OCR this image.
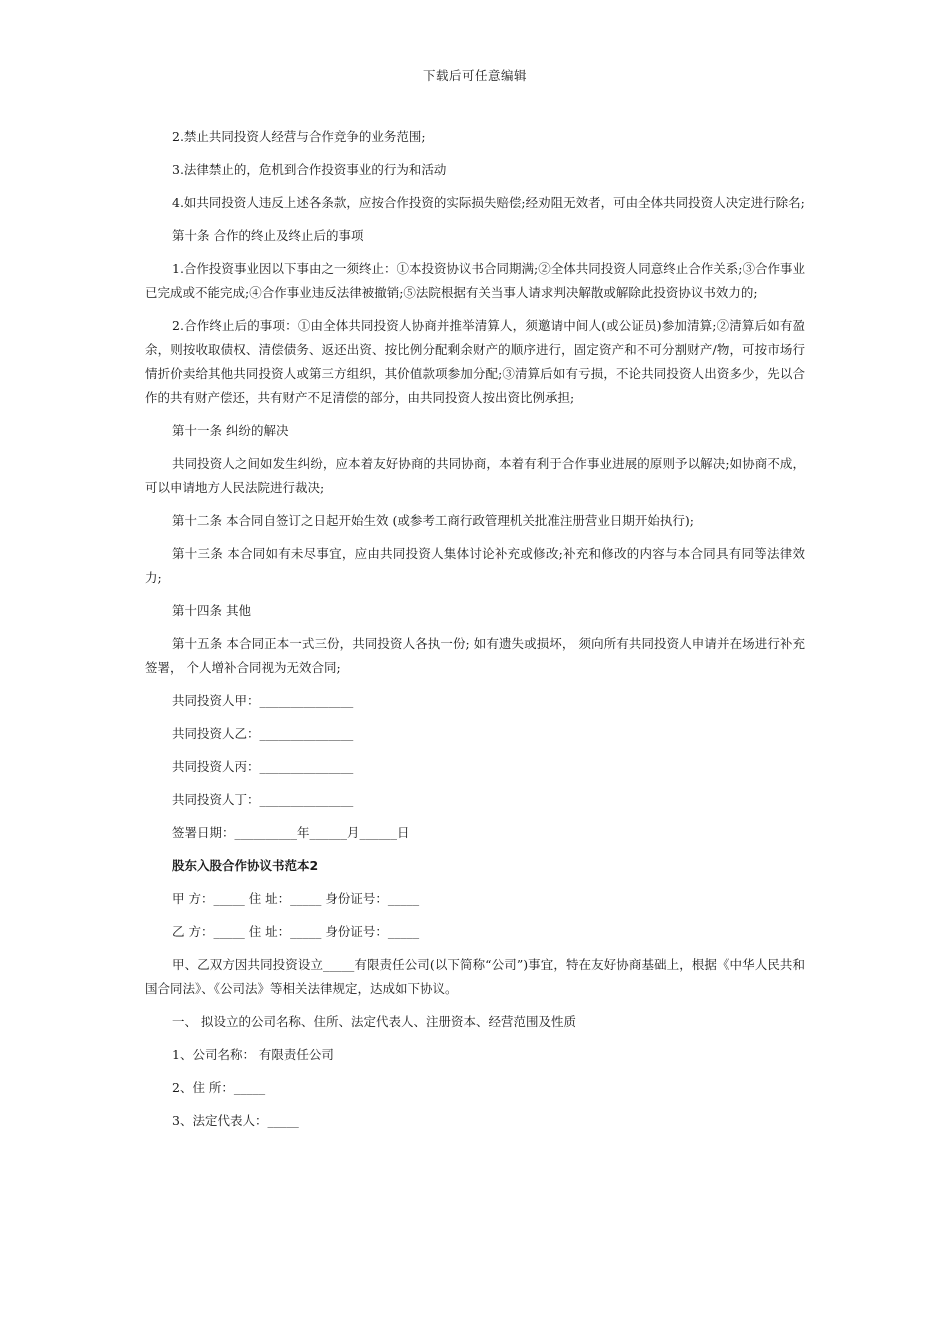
下载后可任意编辑

2.禁止共同投资人经营与合作竞争的业务范围;

3.法律禁止的，危机到合作投资事业的行为和活动

4.如共同投资人违反上述各条款，应按合作投资的实际损失赔偿;经劝阻无效者，可由全体共同投资人决定进行除名;

第十条 合作的终止及终止后的事项

1.合作投资事业因以下事由之一须终止：①本投资协议书合同期满;②全体共同投资人同意终止合作关系;③合作事业已完成或不能完成;④合作事业违反法律被撤销;⑤法院根据有关当事人请求判决解散或解除此投资协议书效力的;

2.合作终止后的事项：①由全体共同投资人协商并推举清算人，须邀请中间人(或公证员)参加清算;②清算后如有盈余，则按收取债权、清偿债务、返还出资、按比例分配剩余财产的顺序进行，固定资产和不可分割财产/物，可按市场行情折价卖给其他共同投资人或第三方组织，其价值款项参加分配;③清算后如有亏损，不论共同投资人出资多少，先以合作的共有财产偿还，共有财产不足清偿的部分，由共同投资人按出资比例承担;

第十一条 纠纷的解决

共同投资人之间如发生纠纷，应本着友好协商的共同协商，本着有利于合作事业进展的原则予以解决;如协商不成，可以申请地方人民法院进行裁决;

第十二条 本合同自签订之日起开始生效 (或参考工商行政管理机关批准注册营业日期开始执行);

第十三条 本合同如有未尽事宜，应由共同投资人集体讨论补充或修改;补充和修改的内容与本合同具有同等法律效力;

第十四条 其他

第十五条 本合同正本一式三份，共同投资人各执一份; 如有遗失或损坏， 须向所有共同投资人申请并在场进行补充签署， 个人增补合同视为无效合同;

共同投资人甲：_______________

共同投资人乙：_______________

共同投资人丙：_______________

共同投资人丁：_______________

签署日期：__________年______月______日

股东入股合作协议书范本2

甲 方：_____ 住 址：_____ 身份证号：_____

乙 方：_____ 住 址：_____ 身份证号：_____

甲、乙双方因共同投资设立_____有限责任公司(以下简称“公司”)事宜，特在友好协商基础上，根据《中华人民共和国合同法》、《公司法》等相关法律规定，达成如下协议。

一、 拟设立的公司名称、住所、法定代表人、注册资本、经营范围及性质

1、公司名称： 有限责任公司

2、住 所：_____

3、法定代表人：_____
